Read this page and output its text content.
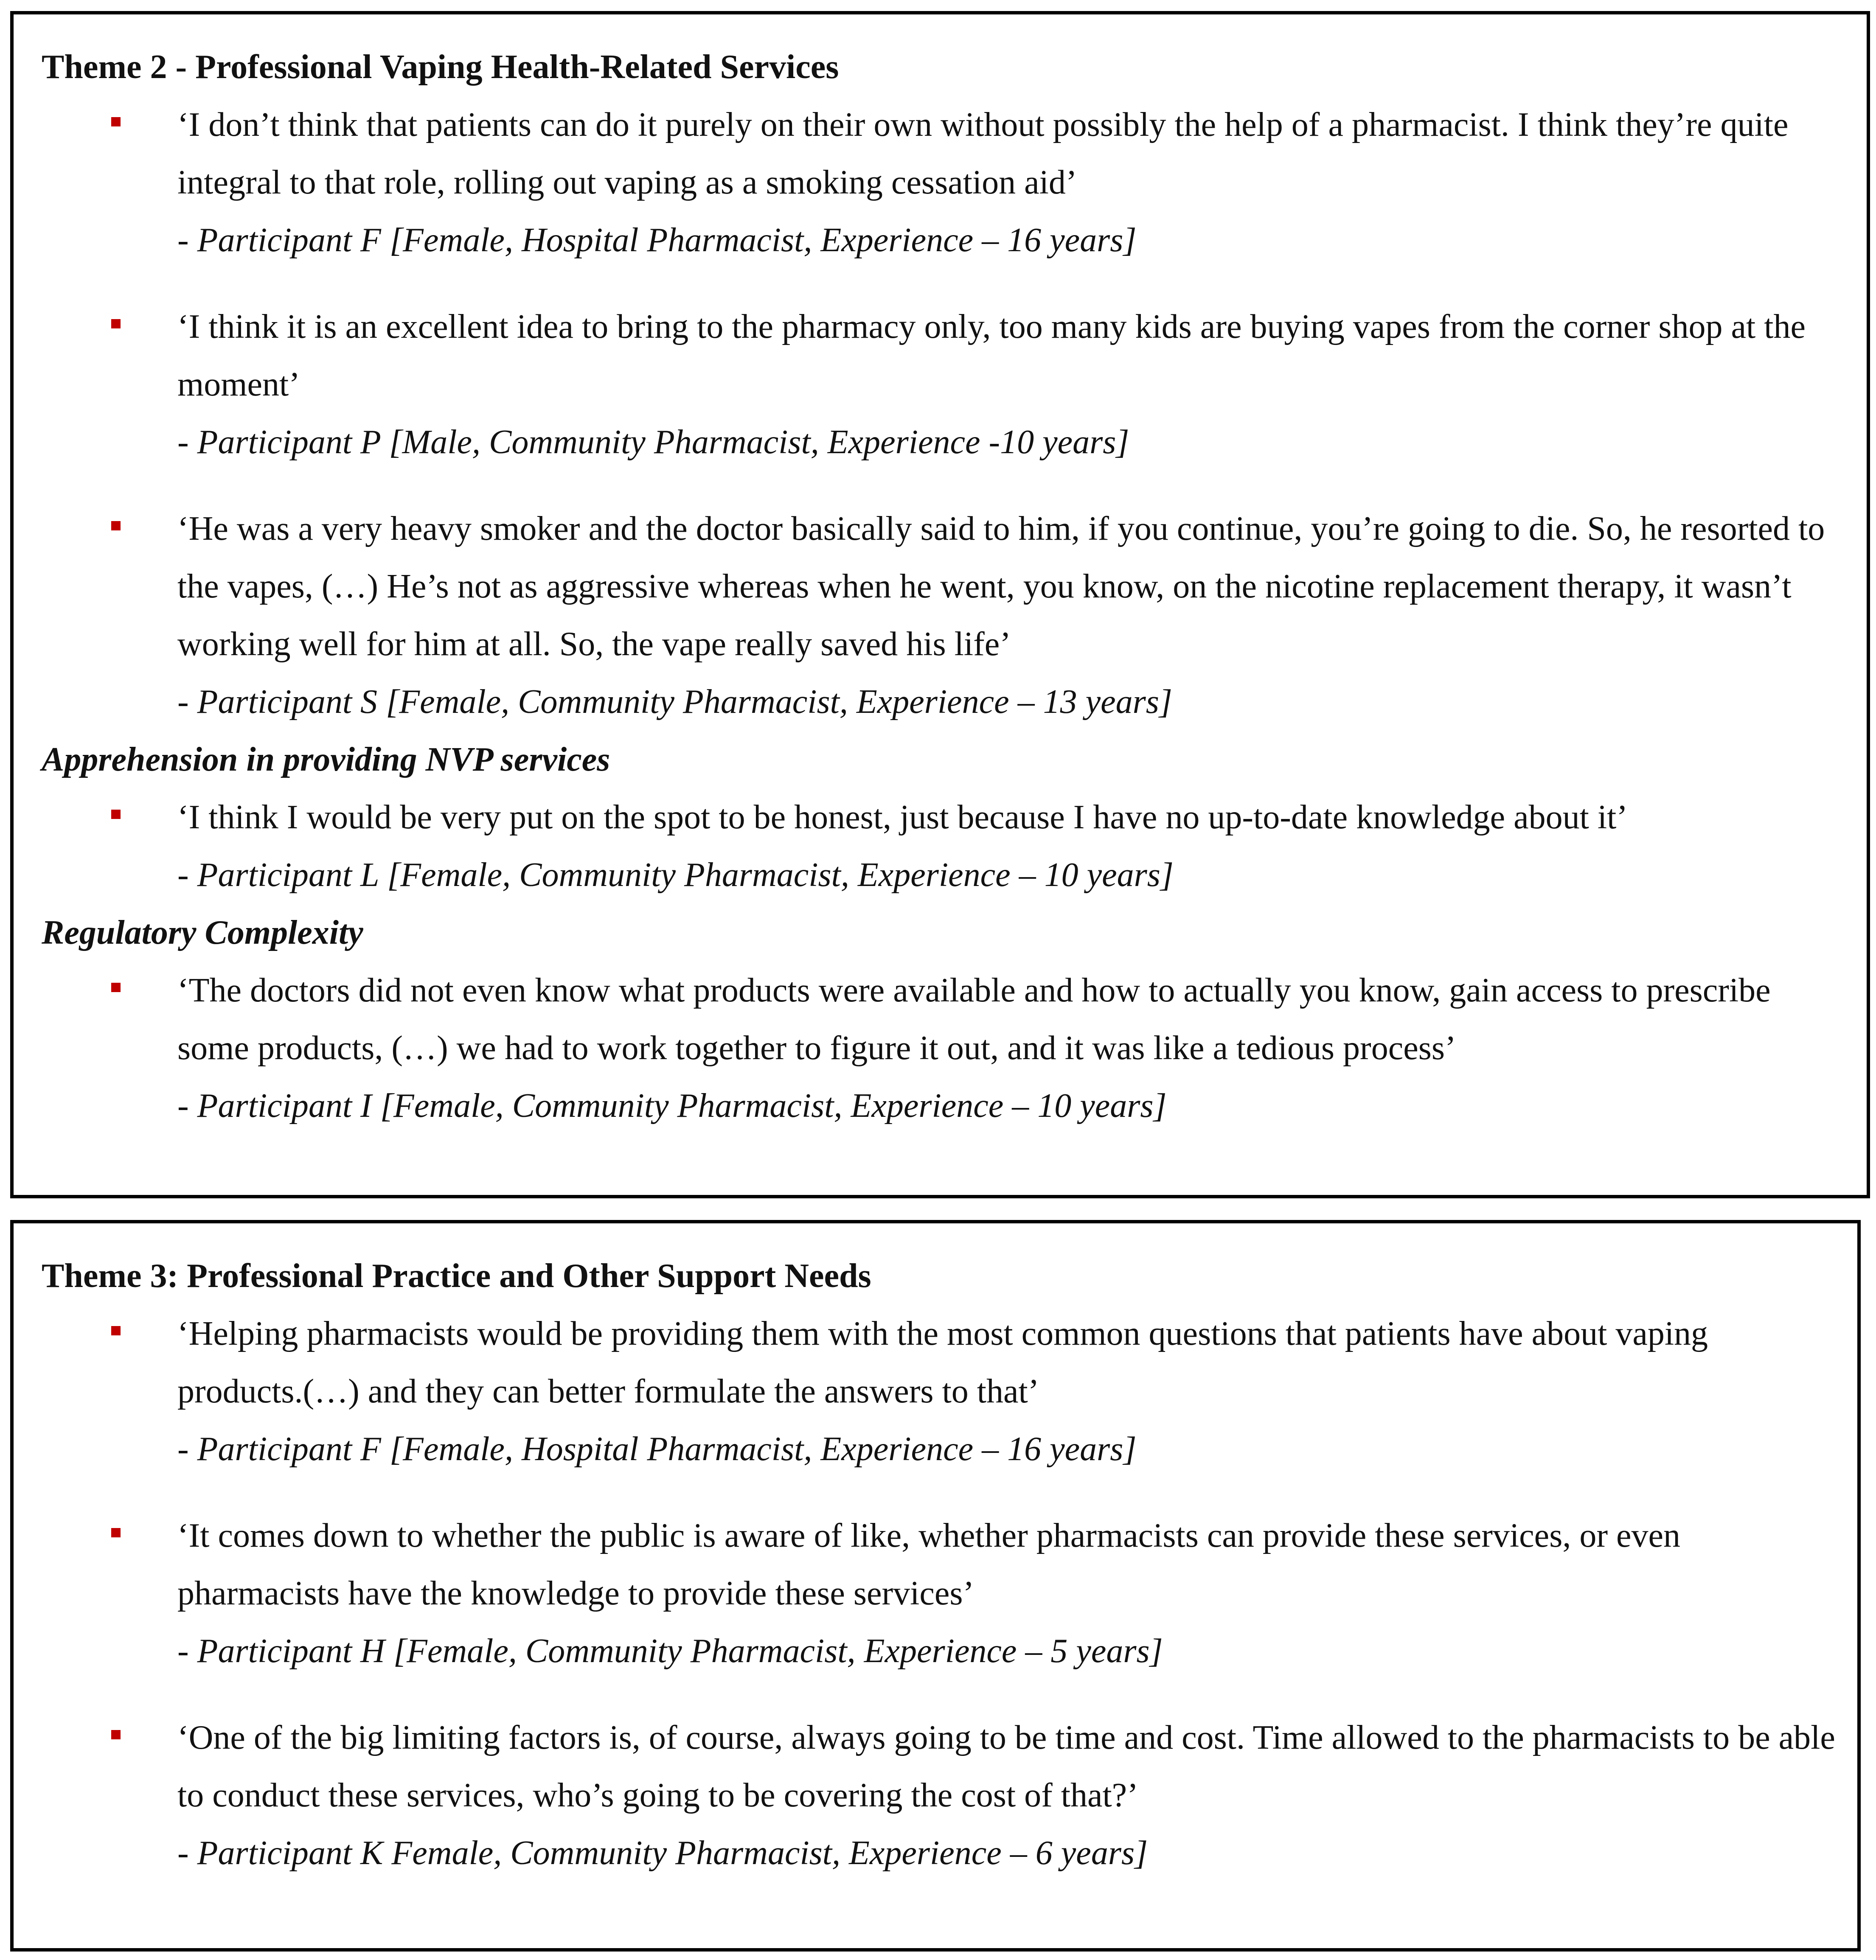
Theme 2 - Professional Vaping Health-Related Services

‘I don’t think that patients can do it purely on their own without possibly the help of a pharmacist. I think they’re quite integral to that role, rolling out vaping as a smoking cessation aid’

- Participant F [Female, Hospital Pharmacist, Experience – 16 years]

‘I think it is an excellent idea to bring to the pharmacy only, too many kids are buying vapes from the corner shop at the moment’

- Participant P [Male, Community Pharmacist, Experience -10 years]

‘He was a very heavy smoker and the doctor basically said to him, if you continue, you’re going to die. So, he resorted to the vapes, (…) He’s not as aggressive whereas when he went, you know, on the nicotine replacement therapy, it wasn’t working well for him at all. So, the vape really saved his life’

- Participant S [Female, Community Pharmacist, Experience – 13 years]

Apprehension in providing NVP services

‘I think I would be very put on the spot to be honest, just because I have no up-to-date knowledge about it’

- Participant L [Female, Community Pharmacist, Experience – 10 years]

Regulatory Complexity

‘The doctors did not even know what products were available and how to actually you know, gain access to prescribe some products, (…) we had to work together to figure it out, and it was like a tedious process’

- Participant I [Female, Community Pharmacist, Experience – 10 years]

Theme 3: Professional Practice and Other Support Needs

‘Helping pharmacists would be providing them with the most common questions that patients have about vaping products.(…) and they can better formulate the answers to that’

- Participant F [Female, Hospital Pharmacist, Experience – 16 years]

‘It comes down to whether the public is aware of like, whether pharmacists can provide these services, or even pharmacists have the knowledge to provide these services’

- Participant H [Female, Community Pharmacist, Experience – 5 years]

‘One of the big limiting factors is, of course, always going to be time and cost. Time allowed to the pharmacists to be able to conduct these services, who’s going to be covering the cost of that?’

- Participant K Female, Community Pharmacist, Experience – 6 years]
